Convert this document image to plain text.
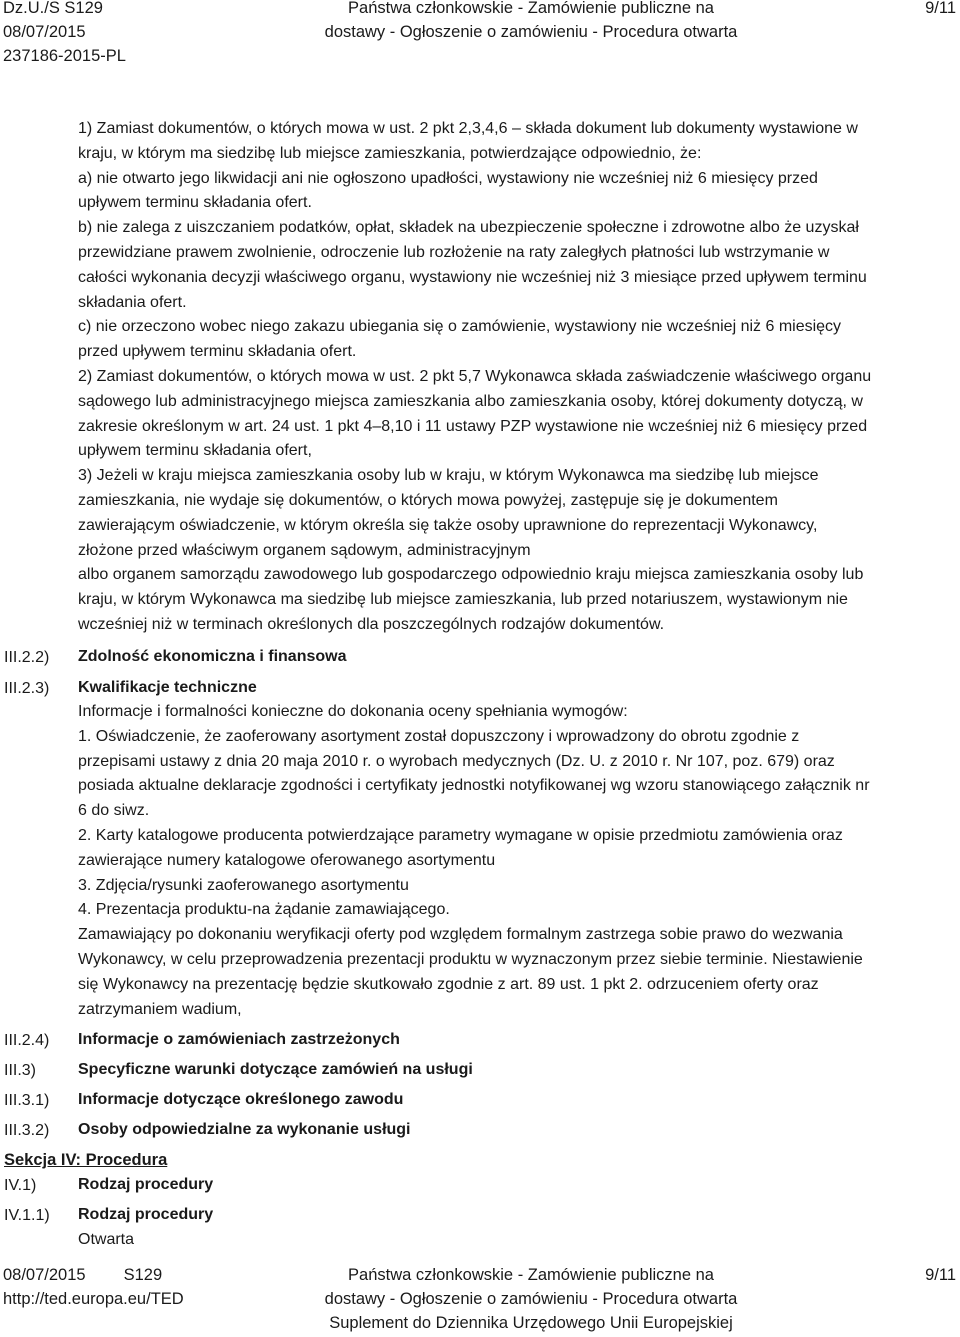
Dz.U./S S129
08/07/2015
237186-2015-PL
Państwa członkowskie - Zamówienie publiczne na
dostawy - Ogłoszenie o zamówieniu - Procedura otwarta
9/11
1) Zamiast dokumentów, o których mowa w ust. 2 pkt 2,3,4,6 – składa dokument lub dokumenty wystawione w
kraju, w którym ma siedzibę lub miejsce zamieszkania, potwierdzające odpowiednio, że:
a) nie otwarto jego likwidacji ani nie ogłoszono upadłości, wystawiony nie wcześniej niż 6 miesięcy przed
upływem terminu składania ofert.
b) nie zalega z uiszczaniem podatków, opłat, składek na ubezpieczenie społeczne i zdrowotne albo że uzyskał
przewidziane prawem zwolnienie, odroczenie lub rozłożenie na raty zaległych płatności lub wstrzymanie w
całości wykonania decyzji właściwego organu, wystawiony nie wcześniej niż 3 miesiące przed upływem terminu
składania ofert.
c) nie orzeczono wobec niego zakazu ubiegania się o zamówienie, wystawiony nie wcześniej niż 6 miesięcy
przed upływem terminu składania ofert.
2) Zamiast dokumentów, o których mowa w ust. 2 pkt 5,7 Wykonawca składa zaświadczenie właściwego organu
sądowego lub administracyjnego miejsca zamieszkania albo zamieszkania osoby, której dokumenty dotyczą, w
zakresie określonym w art. 24 ust. 1 pkt 4–8,10 i 11 ustawy PZP wystawione nie wcześniej niż 6 miesięcy przed
upływem terminu składania ofert,
3) Jeżeli w kraju miejsca zamieszkania osoby lub w kraju, w którym Wykonawca ma siedzibę lub miejsce
zamieszkania, nie wydaje się dokumentów, o których mowa powyżej, zastępuje się je dokumentem
zawierającym oświadczenie, w którym określa się także osoby uprawnione do reprezentacji Wykonawcy,
złożone przed właściwym organem sądowym, administracyjnym
albo organem samorządu zawodowego lub gospodarczego odpowiednio kraju miejsca zamieszkania osoby lub
kraju, w którym Wykonawca ma siedzibę lub miejsce zamieszkania, lub przed notariuszem, wystawionym nie
wcześniej niż w terminach określonych dla poszczególnych rodzajów dokumentów.
III.2.2) Zdolność ekonomiczna i finansowa
III.2.3) Kwalifikacje techniczne
Informacje i formalności konieczne do dokonania oceny spełniania wymogów:
1. Oświadczenie, że zaoferowany asortyment został dopuszczony i wprowadzony do obrotu zgodnie z
przepisami ustawy z dnia 20 maja 2010 r. o wyrobach medycznych (Dz. U. z 2010 r. Nr 107, poz. 679) oraz
posiada aktualne deklaracje zgodności i certyfikaty jednostki notyfikowanej wg wzoru stanowiącego załącznik nr
6 do siwz.
2. Karty katalogowe producenta potwierdzające parametry wymagane w opisie przedmiotu zamówienia oraz
zawierające numery katalogowe oferowanego asortymentu
3. Zdjęcia/rysunki zaoferowanego asortymentu
4. Prezentacja produktu-na żądanie zamawiającego.
Zamawiający po dokonaniu weryfikacji oferty pod względem formalnym zastrzega sobie prawo do wezwania
Wykonawcy, w celu przeprowadzenia prezentacji produktu w wyznaczonym przez siebie terminie. Niestawienie
się Wykonawcy na prezentację będzie skutkowało zgodnie z art. 89 ust. 1 pkt 2. odrzuceniem oferty oraz
zatrzymaniem wadium,
III.2.4) Informacje o zamówieniach zastrzeżonych
III.3)	Specyficzne warunki dotyczące zamówień na usługi
III.3.1) Informacje dotyczące określonego zawodu
III.3.2) Osoby odpowiedzialne za wykonanie usługi
Sekcja IV: Procedura
IV.1)	Rodzaj procedury
IV.1.1) Rodzaj procedury
Otwarta
08/07/2015 S129
http://ted.europa.eu/TED
Państwa członkowskie - Zamówienie publiczne na
dostawy - Ogłoszenie o zamówieniu - Procedura otwarta
Suplement do Dziennika Urzędowego Unii Europejskiej
9/11
